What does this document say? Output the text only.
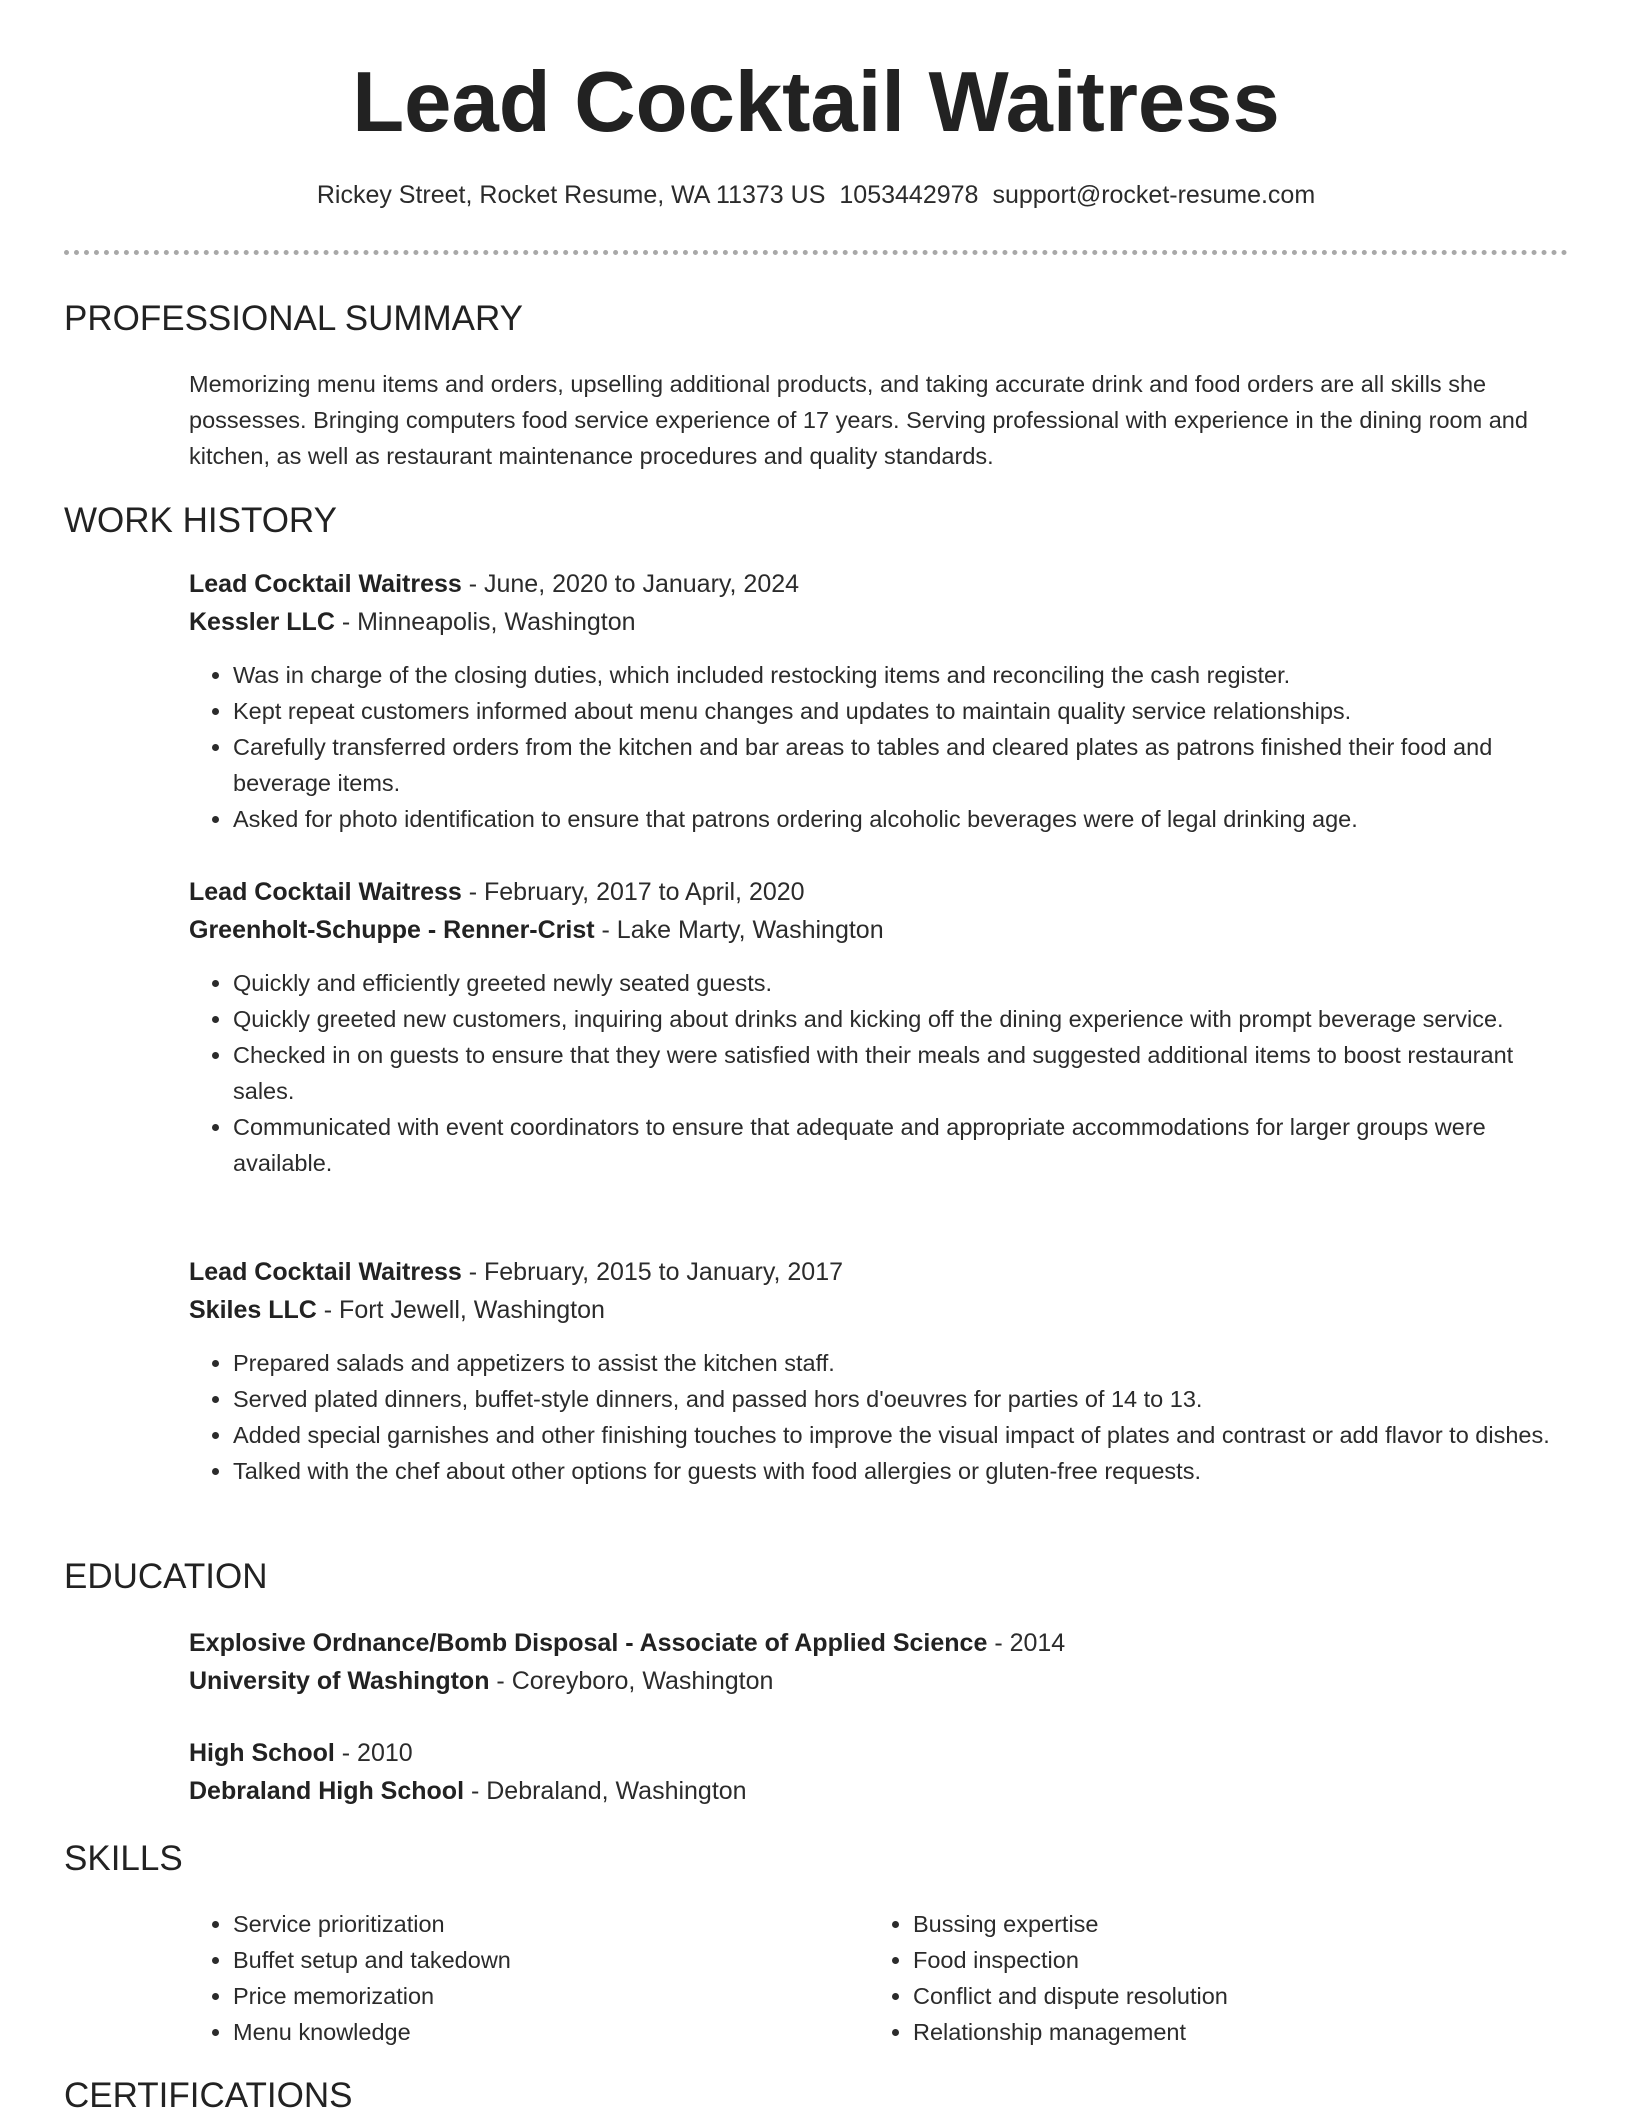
Lead Cocktail Waitress
Rickey Street, Rocket Resume, WA 11373 US 1053442978 support@rocket-resume.com
PROFESSIONAL SUMMARY

Memorizing menu items and orders, upselling additional products, and taking accurate drink and food orders are all skills she possesses. Bringing computers food service experience of 17 years. Serving professional with experience in the dining room and kitchen, as well as restaurant maintenance procedures and quality standards.

WORK HISTORY

Lead Cocktail Waitress - June, 2020 to January, 2024

Kessler LLC - Minneapolis, Washington

• Was in charge of the closing duties, which included restocking items and reconciling the cash register.
• Kept repeat customers informed about menu changes and updates to maintain quality service relationships.
• Carefully transferred orders from the kitchen and bar areas to tables and cleared plates as patrons finished their food and beverage items.
• Asked for photo identification to ensure that patrons ordering alcoholic beverages were of legal drinking age.

Lead Cocktail Waitress - February, 2017 to April, 2020

Greenholt-Schuppe - Renner-Crist - Lake Marty, Washington

• Quickly and efficiently greeted newly seated guests.
• Quickly greeted new customers, inquiring about drinks and kicking off the dining experience with prompt beverage service.
• Checked in on guests to ensure that they were satisfied with their meals and suggested additional items to boost restaurant sales.
• Communicated with event coordinators to ensure that adequate and appropriate accommodations for larger groups were available.

Lead Cocktail Waitress - February, 2015 to January, 2017

Skiles LLC - Fort Jewell, Washington

• Prepared salads and appetizers to assist the kitchen staff.
• Served plated dinners, buffet-style dinners, and passed hors d'oeuvres for parties of 14 to 13.
• Added special garnishes and other finishing touches to improve the visual impact of plates and contrast or add flavor to dishes.
• Talked with the chef about other options for guests with food allergies or gluten-free requests.
EDUCATION

Explosive Ordnance/Bomb Disposal - Associate of Applied Science - 2014

University of Washington - Coreyboro, Washington

High School - 2010

Debraland High School - Debraland, Washington

SKILLS
• Service prioritization
• Buffet setup and takedown
• Price memorization
• Menu knowledge
• Bussing expertise
• Food inspection
• Conflict and dispute resolution
• Relationship management
CERTIFICATIONS
